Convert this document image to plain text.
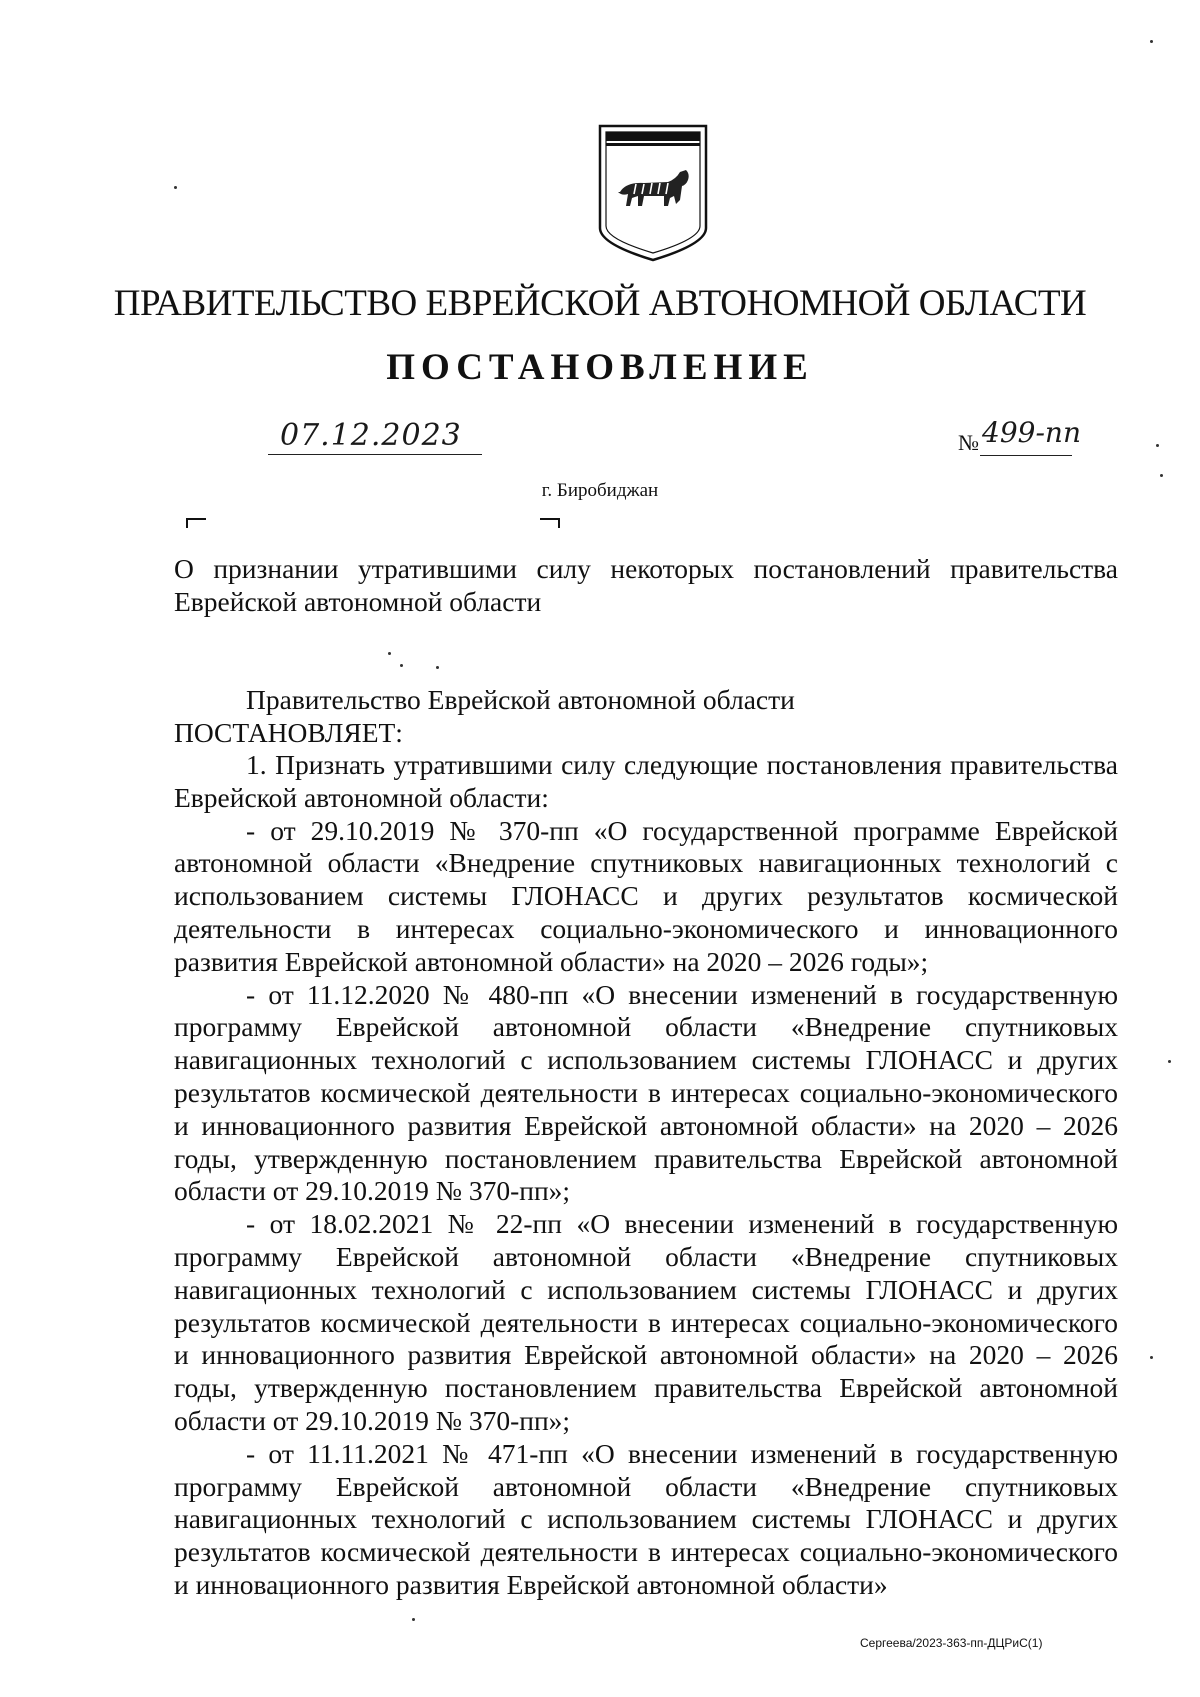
ПРАВИТЕЛЬСТВО ЕВРЕЙСКОЙ АВТОНОМНОЙ ОБЛАСТИ
ПОСТАНОВЛЕНИЕ
07.12.2023	№ 499-пп
г. Биробиджан
О признании утратившими силу некоторых постановлений правительства Еврейской автономной области
Правительство Еврейской автономной области
ПОСТАНОВЛЯЕТ:

1. Признать утратившими силу следующие постановления правительства Еврейской автономной области:

- от 29.10.2019 № 370-пп «О государственной программе Еврейской автономной области «Внедрение спутниковых навигационных технологий с использованием системы ГЛОНАСС и других результатов космической деятельности в интересах социально-экономического и инновационного развития Еврейской автономной области» на 2020 – 2026 годы»;

- от 11.12.2020 № 480-пп «О внесении изменений в государственную программу Еврейской автономной области «Внедрение спутниковых навигационных технологий с использованием системы ГЛОНАСС и других результатов космической деятельности в интересах социально-экономического и инновационного развития Еврейской автономной области» на 2020 – 2026 годы, утвержденную постановлением правительства Еврейской автономной области от 29.10.2019 № 370-пп»;

- от 18.02.2021 № 22-пп «О внесении изменений в государственную программу Еврейской автономной области «Внедрение спутниковых навигационных технологий с использованием системы ГЛОНАСС и других результатов космической деятельности в интересах социально-экономического и инновационного развития Еврейской автономной области» на 2020 – 2026 годы, утвержденную постановлением правительства Еврейской автономной области от 29.10.2019 № 370-пп»;

- от 11.11.2021 № 471-пп «О внесении изменений в государственную программу Еврейской автономной области «Внедрение спутниковых навигационных технологий с использованием системы ГЛОНАСС и других результатов космической деятельности в интересах социально-экономического и инновационного развития Еврейской автономной области»

Сергеева/2023-363-пп-ДЦРиС(1)
